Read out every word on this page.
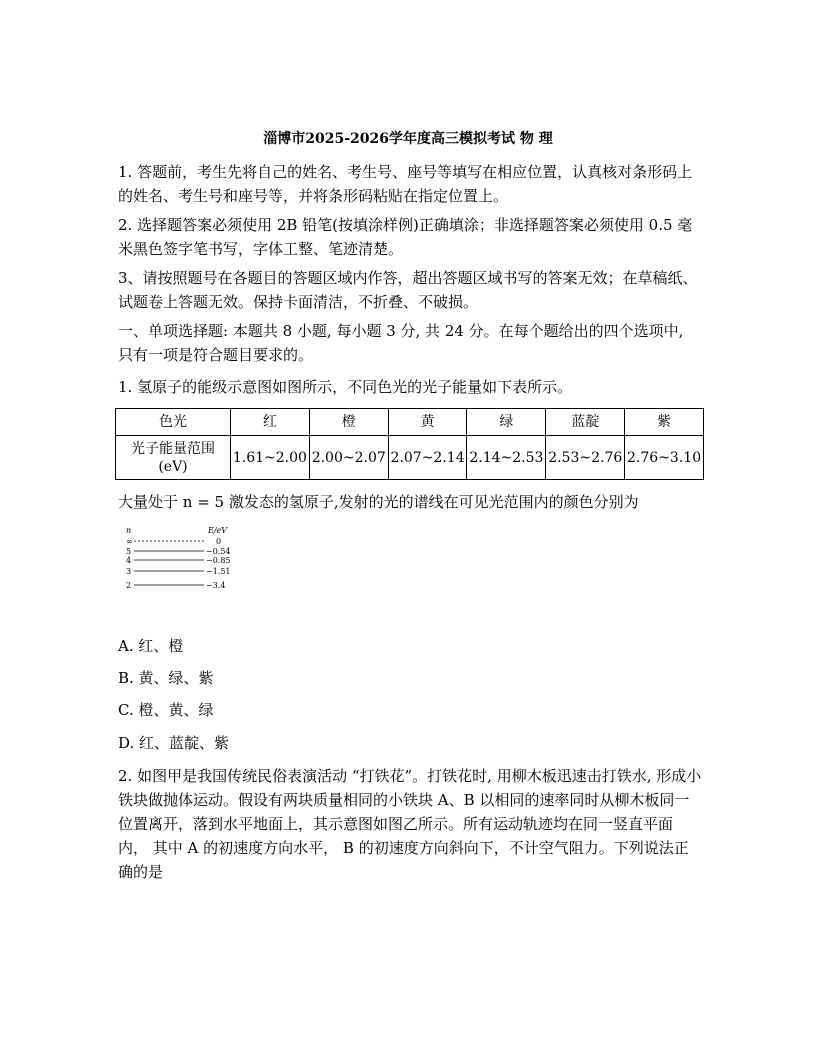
淄博市2025-2026学年度高三模拟考试 物 理
1. 答题前，考生先将自己的姓名、考生号、座号等填写在相应位置，认真核对条形码上的姓名、考生号和座号等，并将条形码粘贴在指定位置上。
2. 选择题答案必须使用 2B 铅笔(按填涂样例)正确填涂；非选择题答案必须使用 0.5 毫米黑色签字笔书写，字体工整、笔迹清楚。
3、请按照题号在各题目的答题区域内作答，超出答题区域书写的答案无效；在草稿纸、试题卷上答题无效。保持卡面清洁，不折叠、不破损。
一、单项选择题: 本题共 8 小题, 每小题 3 分, 共 24 分。在每个题给出的四个选项中, 只有一项是符合题目要求的。
1. 氢原子的能级示意图如图所示，不同色光的光子能量如下表所示。
色光	红	橙	黄	绿	蓝靛	紫

光子能量范围
(eV)	1.61~2.00	2.00~2.07	2.07~2.14	2.14~2.53	2.53~2.76	2.76~3.10
大量处于 n = 5 激发态的氢原子,发射的光的谱线在可见光范围内的颜色分别为
n	E/eV
∞	0
5	−0.54
4	−0.85
3	−1.51
2	−3.4
A. 红、橙
B. 黄、绿、紫
C. 橙、黄、绿
D. 红、蓝靛、紫
2. 如图甲是我国传统民俗表演活动 “打铁花”。打铁花时, 用柳木板迅速击打铁水, 形成小铁块做抛体运动。假设有两块质量相同的小铁块 A、B 以相同的速率同时从柳木板同一位置离开，落到水平地面上，其示意图如图乙所示。所有运动轨迹均在同一竖直平面内， 其中 A 的初速度方向水平， B 的初速度方向斜向下，不计空气阻力。下列说法正确的是
